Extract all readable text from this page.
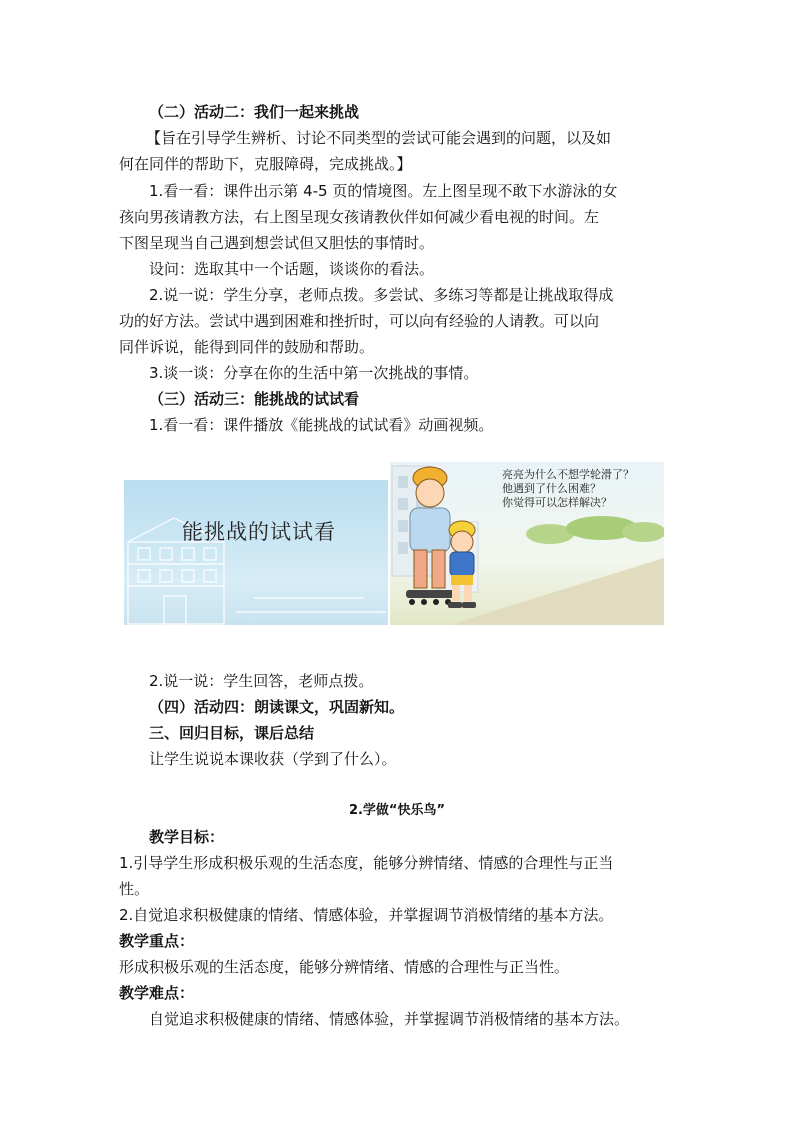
（二）活动二：我们一起来挑战
【旨在引导学生辨析、讨论不同类型的尝试可能会遇到的问题，以及如
何在同伴的帮助下，克服障碍，完成挑战。】
1.看一看：课件出示第 4-5 页的情境图。左上图呈现不敢下水游泳的女
孩向男孩请教方法，右上图呈现女孩请教伙伴如何减少看电视的时间。左
下图呈现当自己遇到想尝试但又胆怯的事情时。
设问：选取其中一个话题，谈谈你的看法。
2.说一说：学生分享，老师点拨。多尝试、多练习等都是让挑战取得成
功的好方法。尝试中遇到困难和挫折时，可以向有经验的人请教。可以向
同伴诉说，能得到同伴的鼓励和帮助。
3.谈一谈：分享在你的生活中第一次挑战的事情。
（三）活动三：能挑战的试试看
1.看一看：课件播放《能挑战的试试看》动画视频。
能挑战的试试看
亮亮为什么不想学轮滑了？
他遇到了什么困难？
你觉得可以怎样解决？
2.说一说：学生回答，老师点拨。
（四）活动四：朗读课文，巩固新知。
三、回归目标，课后总结
让学生说说本课收获（学到了什么）。
2.学做“快乐鸟”
教学目标：
1.引导学生形成积极乐观的生活态度，能够分辨情绪、情感的合理性与正当
性。
2.自觉追求积极健康的情绪、情感体验，并掌握调节消极情绪的基本方法。
教学重点：
形成积极乐观的生活态度，能够分辨情绪、情感的合理性与正当性。
教学难点：
自觉追求积极健康的情绪、情感体验，并掌握调节消极情绪的基本方法。
